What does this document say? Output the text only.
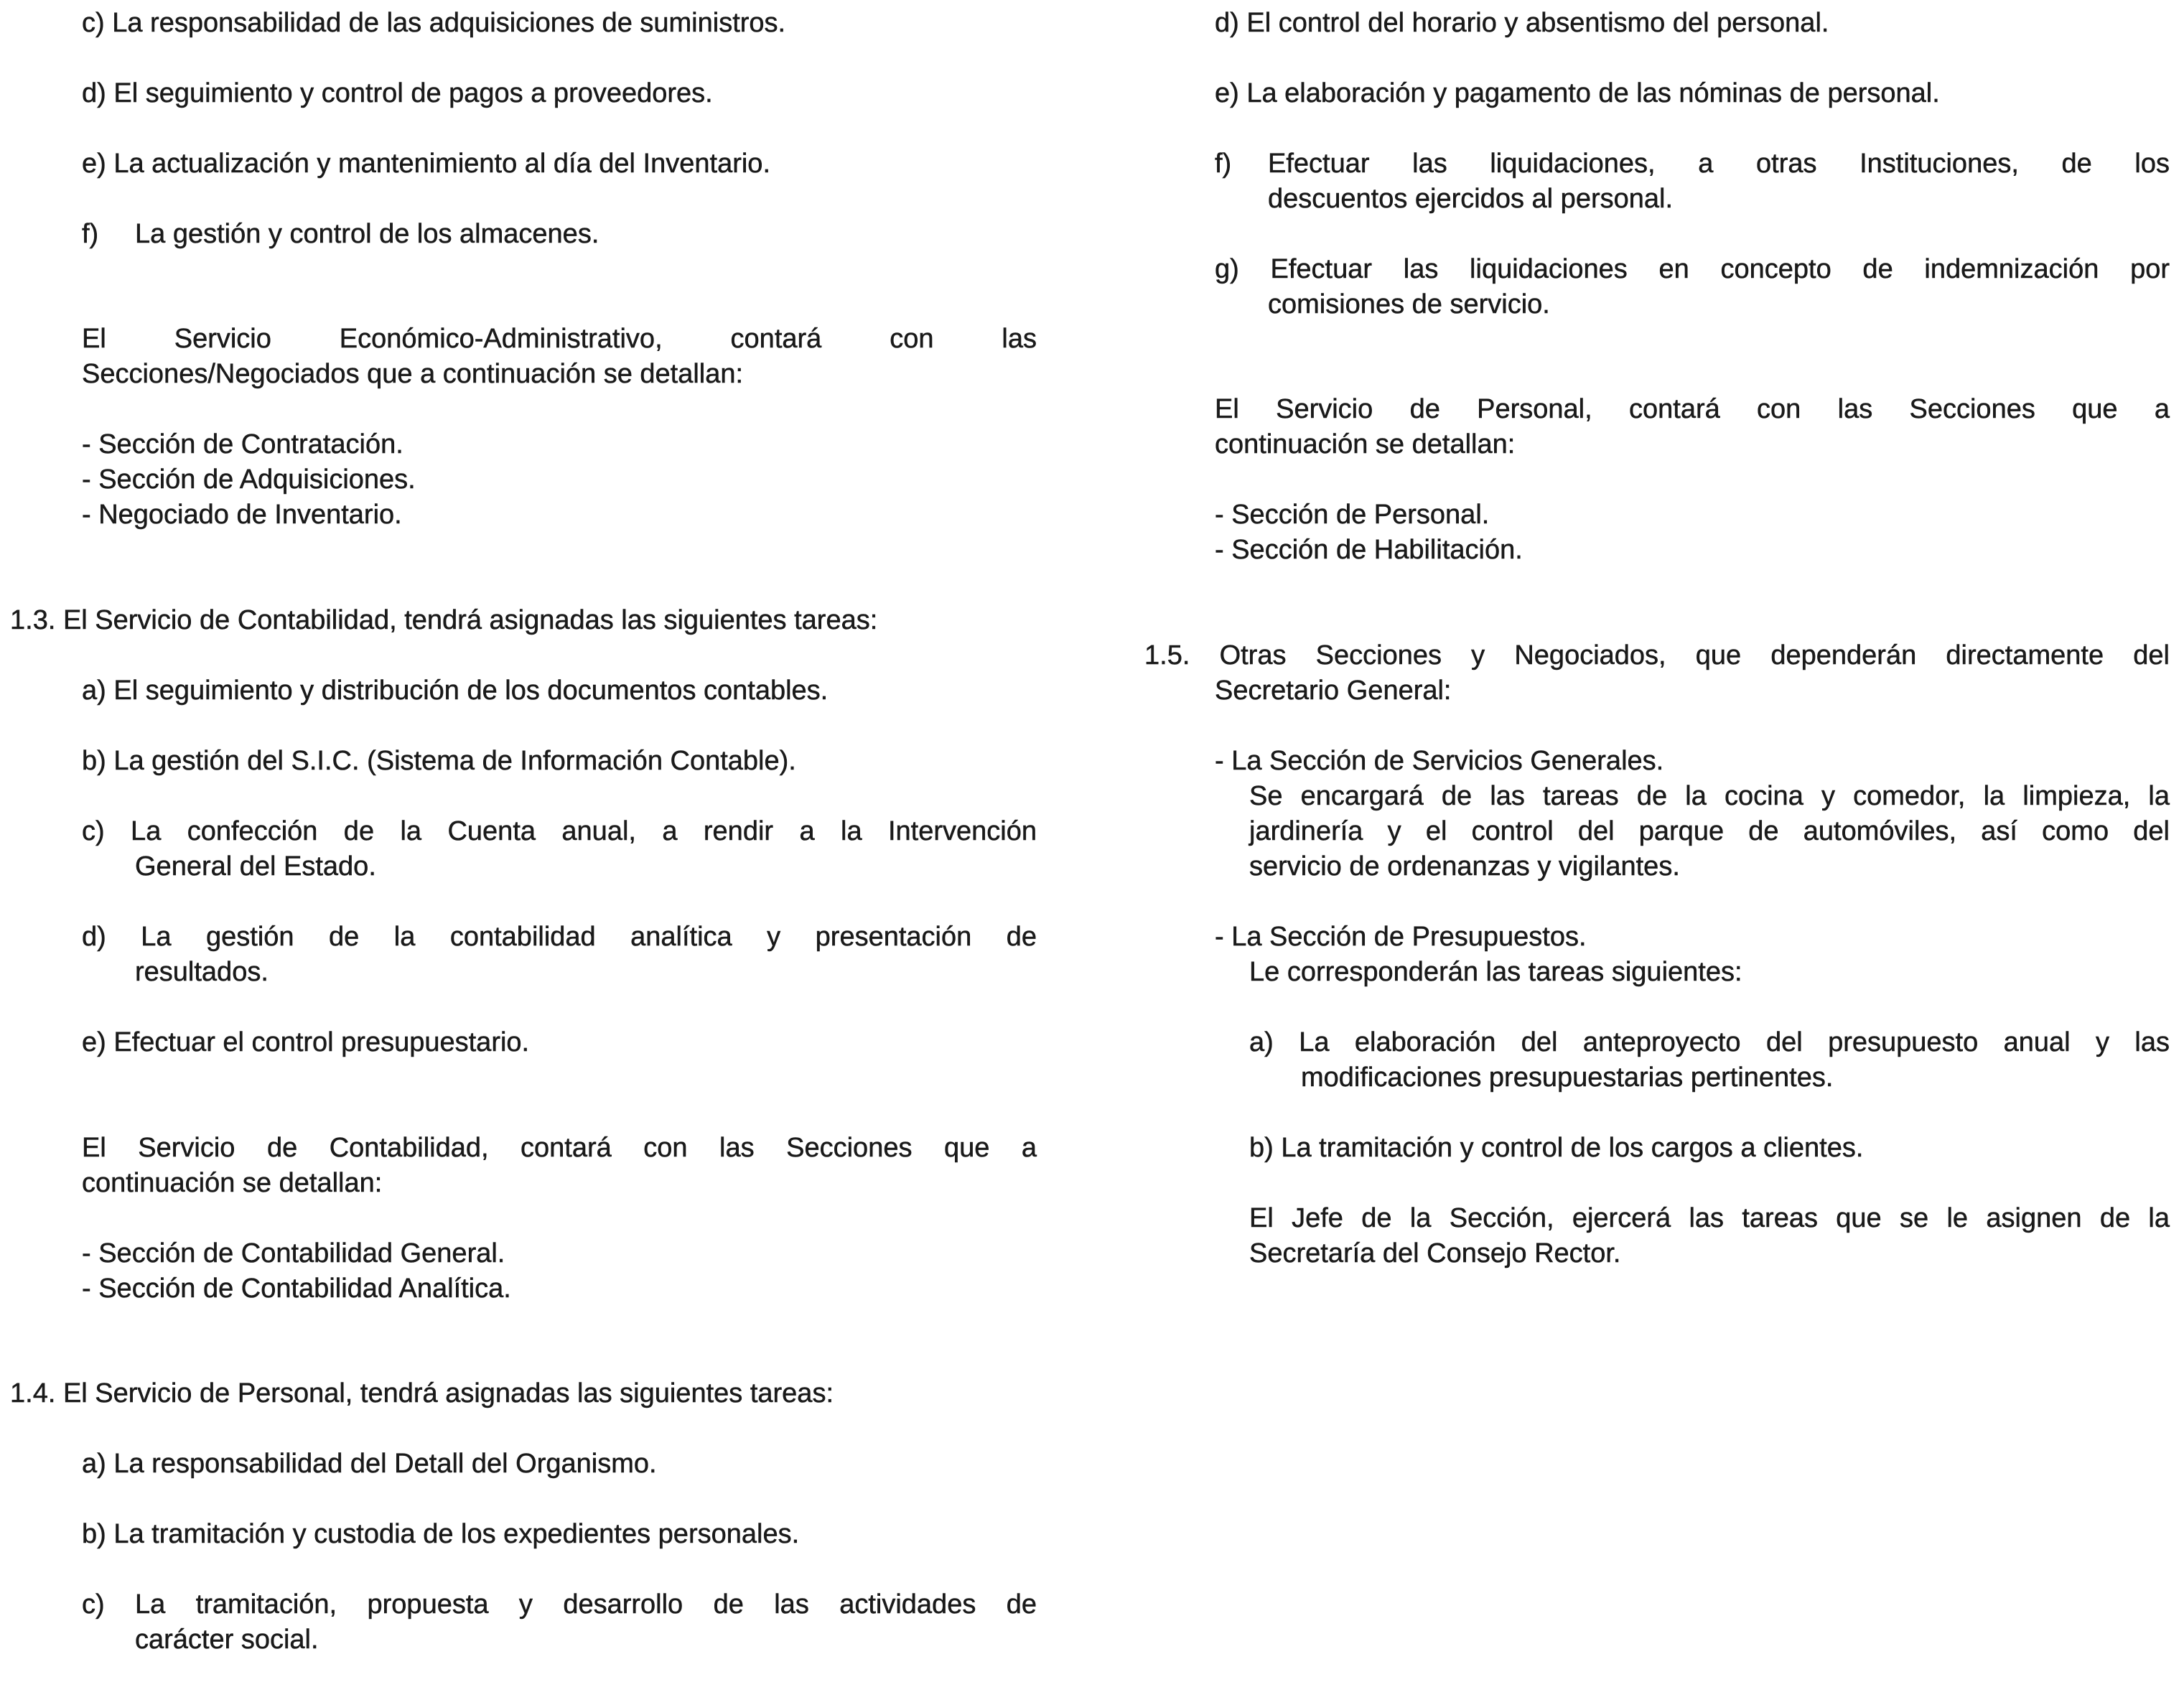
c) La responsabilidad de las adquisiciones de suministros.

d) El seguimiento y control de pagos a proveedores.

e) La actualización y mantenimiento al día del Inventario.

f) La gestión y control de los almacenes.

El Servicio Económico-Administrativo, contará con las

Secciones/Negociados que a continuación se detallan:

- Sección de Contratación.

- Sección de Adquisiciones.

- Negociado de Inventario.

1.3. El Servicio de Contabilidad, tendrá asignadas las siguientes tareas:

a) El seguimiento y distribución de los documentos contables.

b) La gestión del S.I.C. (Sistema de Información Contable).

c) La confección de la Cuenta anual, a rendir a la Intervención

General del Estado.

d) La gestión de la contabilidad analítica y presentación de

resultados.

e) Efectuar el control presupuestario.

El Servicio de Contabilidad, contará con las Secciones que a

continuación se detallan:

- Sección de Contabilidad General.

- Sección de Contabilidad Analítica.

1.4. El Servicio de Personal, tendrá asignadas las siguientes tareas:

a) La responsabilidad del Detall del Organismo.

b) La tramitación y custodia de los expedientes personales.

c) La tramitación, propuesta y desarrollo de las actividades de

carácter social.

d) El control del horario y absentismo del personal.

e) La elaboración y pagamento de las nóminas de personal.

f) Efectuar las liquidaciones, a otras Instituciones, de los

descuentos ejercidos al personal.

g) Efectuar las liquidaciones en concepto de indemnización por

comisiones de servicio.

El Servicio de Personal, contará con las Secciones que a

continuación se detallan:

- Sección de Personal.

- Sección de Habilitación.

1.5. Otras Secciones y Negociados, que dependerán directamente del

Secretario General:

- La Sección de Servicios Generales.

Se encargará de las tareas de la cocina y comedor, la limpieza, la

jardinería y el control del parque de automóviles, así como del

servicio de ordenanzas y vigilantes.

- La Sección de Presupuestos.

Le corresponderán las tareas siguientes:

a) La elaboración del anteproyecto del presupuesto anual y las

modificaciones presupuestarias pertinentes.

b) La tramitación y control de los cargos a clientes.

El Jefe de la Sección, ejercerá las tareas que se le asignen de la

Secretaría del Consejo Rector.
